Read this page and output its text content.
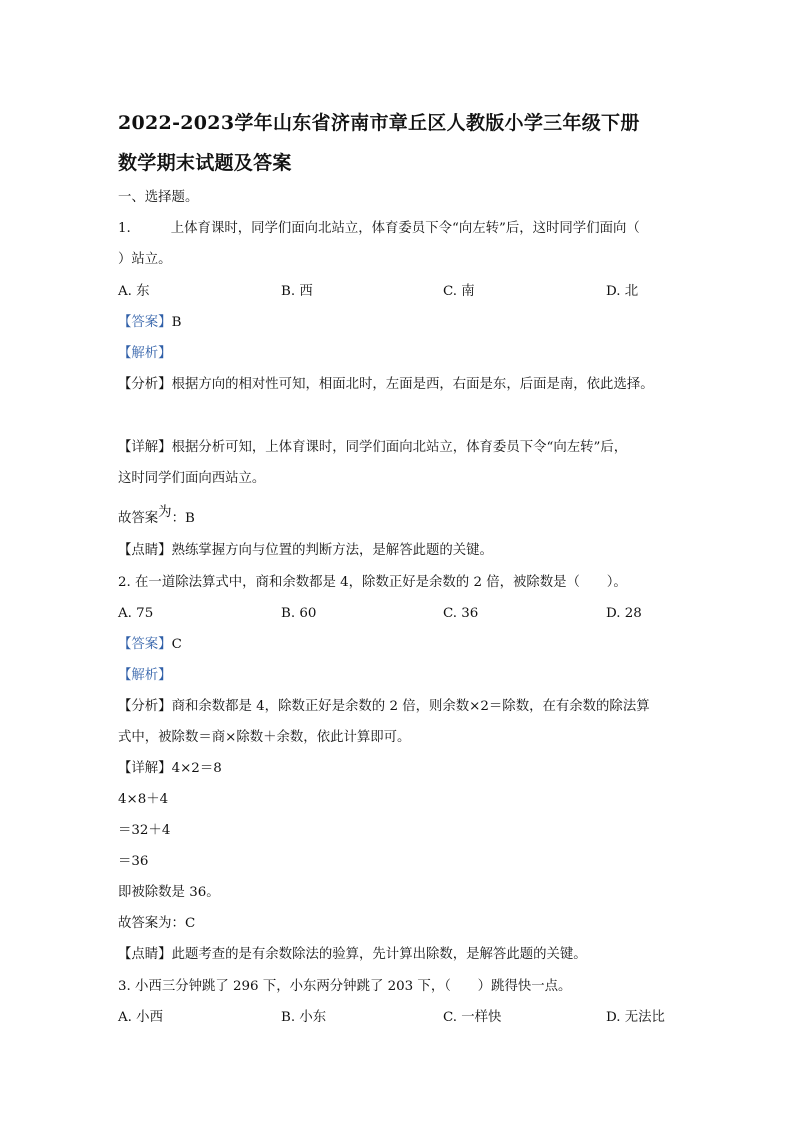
2022-2023学年山东省济南市章丘区人教版小学三年级下册
数学期末试题及答案
一、选择题。
1.	上体育课时，同学们面向北站立，体育委员下令“向左转”后，这时同学们面向（
）站立。
A. 东	B. 西	C. 南	D. 北
【答案】B
【解析】
【分析】根据方向的相对性可知，相面北时，左面是西，右面是东，后面是南，依此选择。
【详解】根据分析可知，上体育课时，同学们面向北站立，体育委员下令“向左转”后，
这时同学们面向西站立。
故答案为：B
【点睛】熟练掌握方向与位置的判断方法，是解答此题的关键。
2. 在一道除法算式中，商和余数都是 4，除数正好是余数的 2 倍，被除数是（　　）。
A. 75	B. 60	C. 36	D. 28
【答案】C
【解析】
【分析】商和余数都是 4，除数正好是余数的 2 倍，则余数×2＝除数，在有余数的除法算
式中，被除数＝商×除数＋余数，依此计算即可。
【详解】4×2＝8
4×8＋4
＝32＋4
＝36
即被除数是 36。
故答案为：C
【点睛】此题考查的是有余数除法的验算，先计算出除数，是解答此题的关键。
3. 小西三分钟跳了 296 下，小东两分钟跳了 203 下，（　　）跳得快一点。
A. 小西	B. 小东	C. 一样快	D. 无法比
